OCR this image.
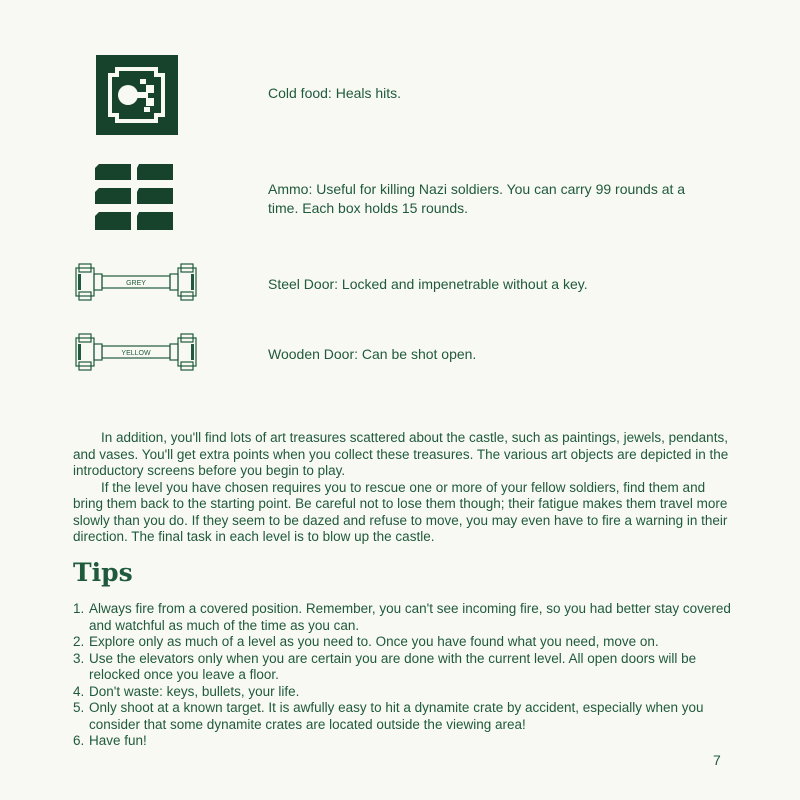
Cold food: Heals hits.
Ammo: Useful for killing Nazi soldiers. You can carry 99 rounds at a time. Each box holds 15 rounds.
GREY	Steel Door: Locked and impenetrable without a key.
YELLOW	Wooden Door: Can be shot open.

In addition, you'll find lots of art treasures scattered about the castle, such as paintings, jewels, pendants, and vases. You'll get extra points when you collect these treasures. The various art objects are depicted in the introductory screens before you begin to play.

If the level you have chosen requires you to rescue one or more of your fellow soldiers, find them and bring them back to the starting point. Be careful not to lose them though; their fatigue makes them travel more slowly than you do. If they seem to be dazed and refuse to move, you may even have to fire a warning in their direction. The final task in each level is to blow up the castle.

Tips
1. Always fire from a covered position. Remember, you can't see incoming fire, so you had better stay covered and watchful as much of the time as you can.
2. Explore only as much of a level as you need to. Once you have found what you need, move on.
3. Use the elevators only when you are certain you are done with the current level. All open doors will be relocked once you leave a floor.
4. Don't waste: keys, bullets, your life.
5. Only shoot at a known target. It is awfully easy to hit a dynamite crate by accident, especially when you consider that some dynamite crates are located outside the viewing area!
6. Have fun!
7
